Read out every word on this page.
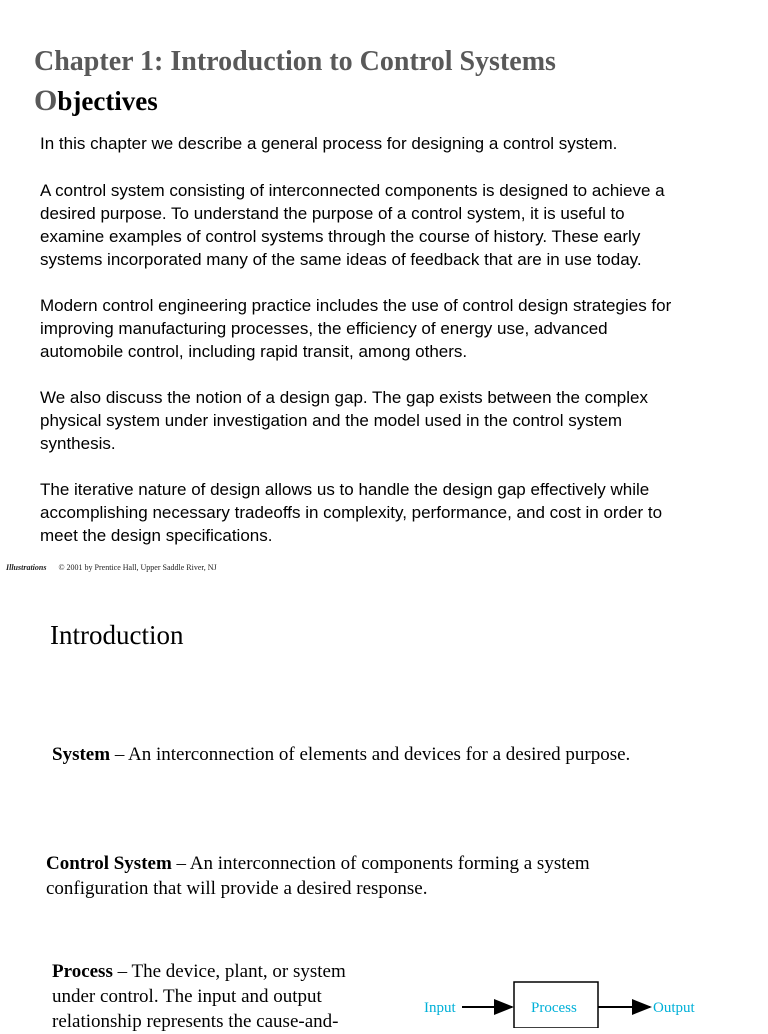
Chapter 1: Introduction to Control Systems
Objectives
In this chapter we describe a general process for designing a control system.
A control system consisting of interconnected components is designed to achieve a
desired purpose. To understand the purpose of a control system, it is useful to
examine examples of control systems through the course of history. These early
systems incorporated many of the same ideas of feedback that are in use today.
Modern control engineering practice includes the use of control design strategies for
improving manufacturing processes, the efficiency of energy use, advanced
automobile control, including rapid transit, among others.
We also discuss the notion of a design gap. The gap exists between the complex
physical system under investigation and the model used in the control system
synthesis.
The iterative nature of design allows us to handle the design gap effectively while
accomplishing necessary tradeoffs in complexity, performance, and cost in order to
meet the design specifications.
Illustrations © 2001 by Prentice Hall, Upper Saddle River, NJ
Introduction
System – An interconnection of elements and devices for a desired purpose.
Control System – An interconnection of components forming a system
configuration that will provide a desired response.
Process – The device, plant, or system
under control. The input and output
relationship represents the cause-and-
Input	Process	Output
